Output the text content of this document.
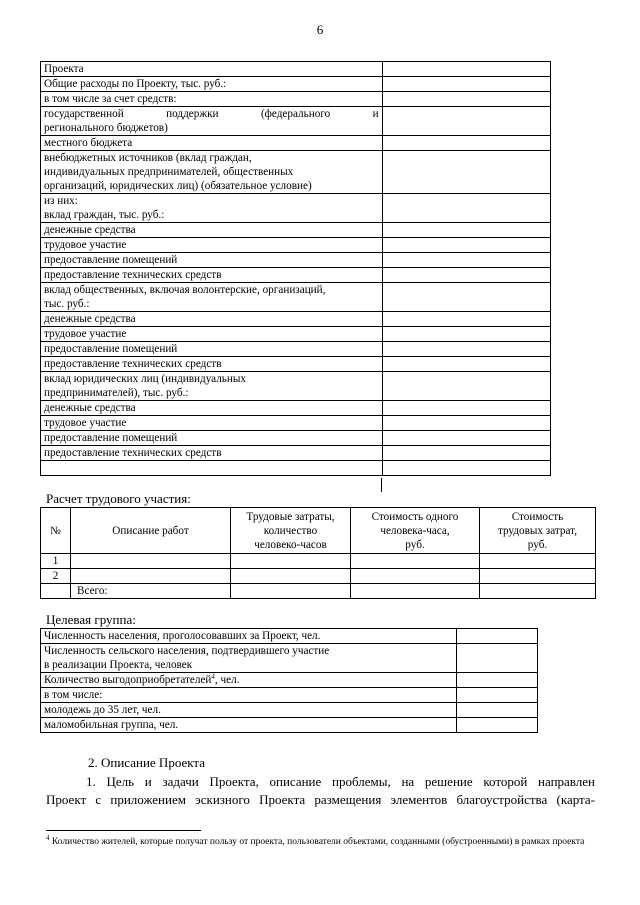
6
Проекта	
Общие расходы по Проекту, тыс. руб.:	
в том числе за счет средств:	

государственной поддержки (федерального и
регионального бюджетов)	

местного бюджета	
внебюджетных источников (вклад граждан,
индивидуальных предпринимателей, общественных
организаций, юридических лиц) (обязательное условие)	
из них:
вклад граждан, тыс. руб.:	
денежные средства	
трудовое участие	
предоставление помещений	
предоставление технических средств	
вклад общественных, включая волонтерские, организаций,
тыс. руб.:	
денежные средства	
трудовое участие	
предоставление помещений	
предоставление технических средств	
вклад юридических лиц (индивидуальных
предпринимателей), тыс. руб.:	
денежные средства	
трудовое участие	
предоставление помещений	
предоставление технических средств	

Расчет трудового участия:
№	Описание работ	Трудовые затраты,
количество
человеко-часов	Стоимость одного
человека-часа,
руб.	Стоимость
трудовых затрат,
руб.
1				
2				
	Всего:			
Целевая группа:
Численность населения, проголосовавших за Проект, чел.	
Численность сельского населения, подтвердившего участие
в реализации Проекта, человек	
Количество выгодоприобретателей$^4$, чел.	
в том числе:	
молодежь до 35 лет, чел.	
маломобильная группа, чел.	
2. Описание Проекта
1. Цель и задачи Проекта, описание проблемы, на решение которой направлен
Проект с приложением эскизного Проекта размещения элементов благоустройства (карта-
$^4$ Количество жителей, которые получат пользу от проекта, пользователи объектами, созданными (обустроенными) в рамках проекта
